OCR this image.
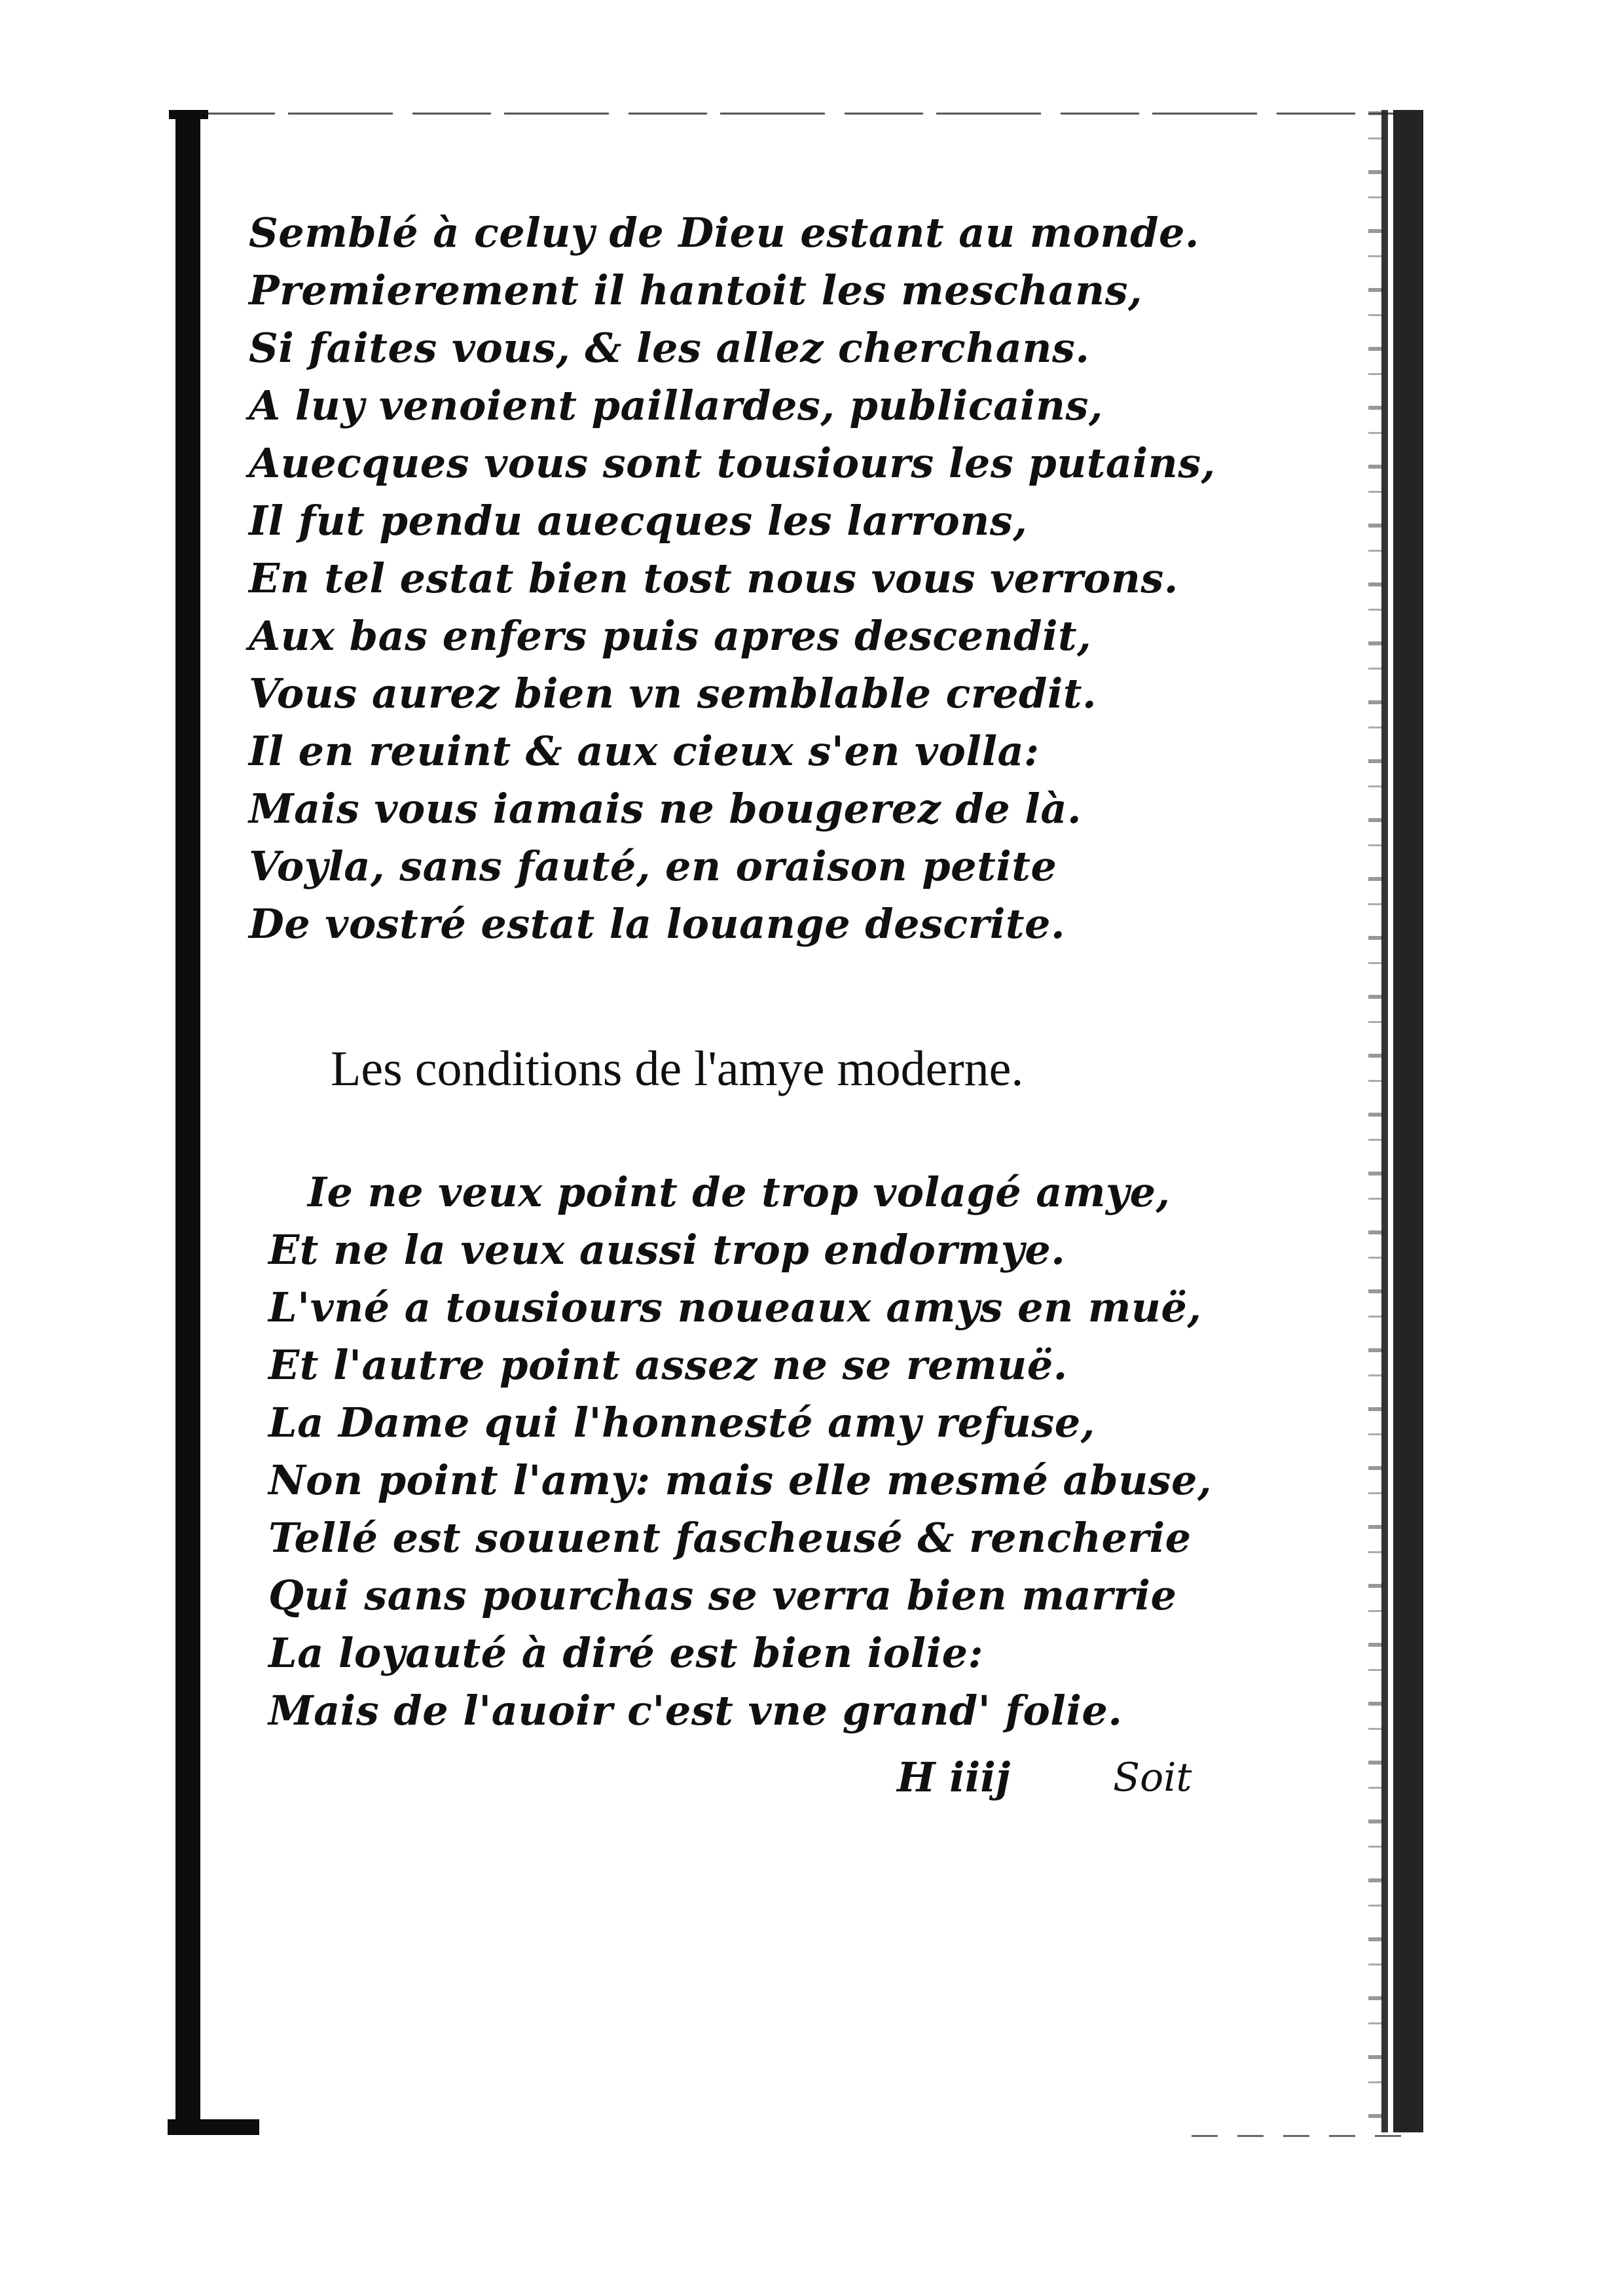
Semblé à celuy de Dieu estant au monde.
Premierement il hantoit les meschans,
Si faites vous, & les allez cherchans.
A luy venoient paillardes, publicains,
Auecques vous sont tousiours les putains,
Il fut pendu auecques les larrons,
En tel estat bien tost nous vous verrons.
Aux bas enfers puis apres descendit,
Vous aurez bien vn semblable credit.
Il en reuint & aux cieux s'en volla:
Mais vous iamais ne bougerez de là.
Voyla, sans fauté, en oraison petite
De vostré estat la louange descrite.
Les conditions de l'amye moderne.
Ie ne veux point de trop volagé amye,
Et ne la veux aussi trop endormye.
L'vné a tousiours noueaux amys en muë,
Et l'autre point assez ne se remuë.
La Dame qui l'honnesté amy refuse,
Non point l'amy: mais elle mesmé abuse,
Tellé est souuent fascheusé & rencherie
Qui sans pourchas se verra bien marrie
La loyauté à diré est bien iolie:
Mais de l'auoir c'est vne grand' folie.
H iiij	Soit
